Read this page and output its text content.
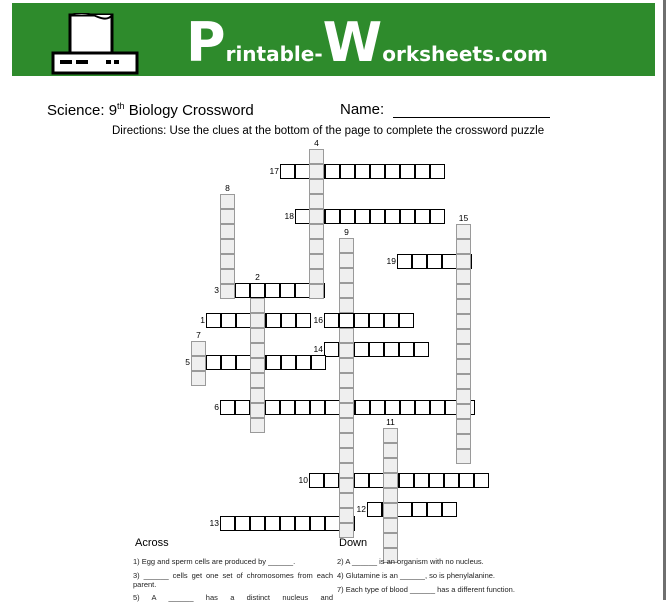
Printable-Worksheets.com
Science: 9th Biology Crossword	Name:
Directions: Use the clues at the bottom of the page to complete the crossword puzzle
17
18
19
3
1	16
14
5
6
10
12
13
4
8
9
15
2
7
11
Across	Down
1) Egg and sperm cells are produced by ______.
3) ______ cells get one set of chromosomes from each parent.
5) A ______ has a distinct nucleus and
2) A ______ is an organism with no nucleus.
4) Glutamine is an ______, so is phenylalanine.
7) Each type of blood ______ has a different function.
